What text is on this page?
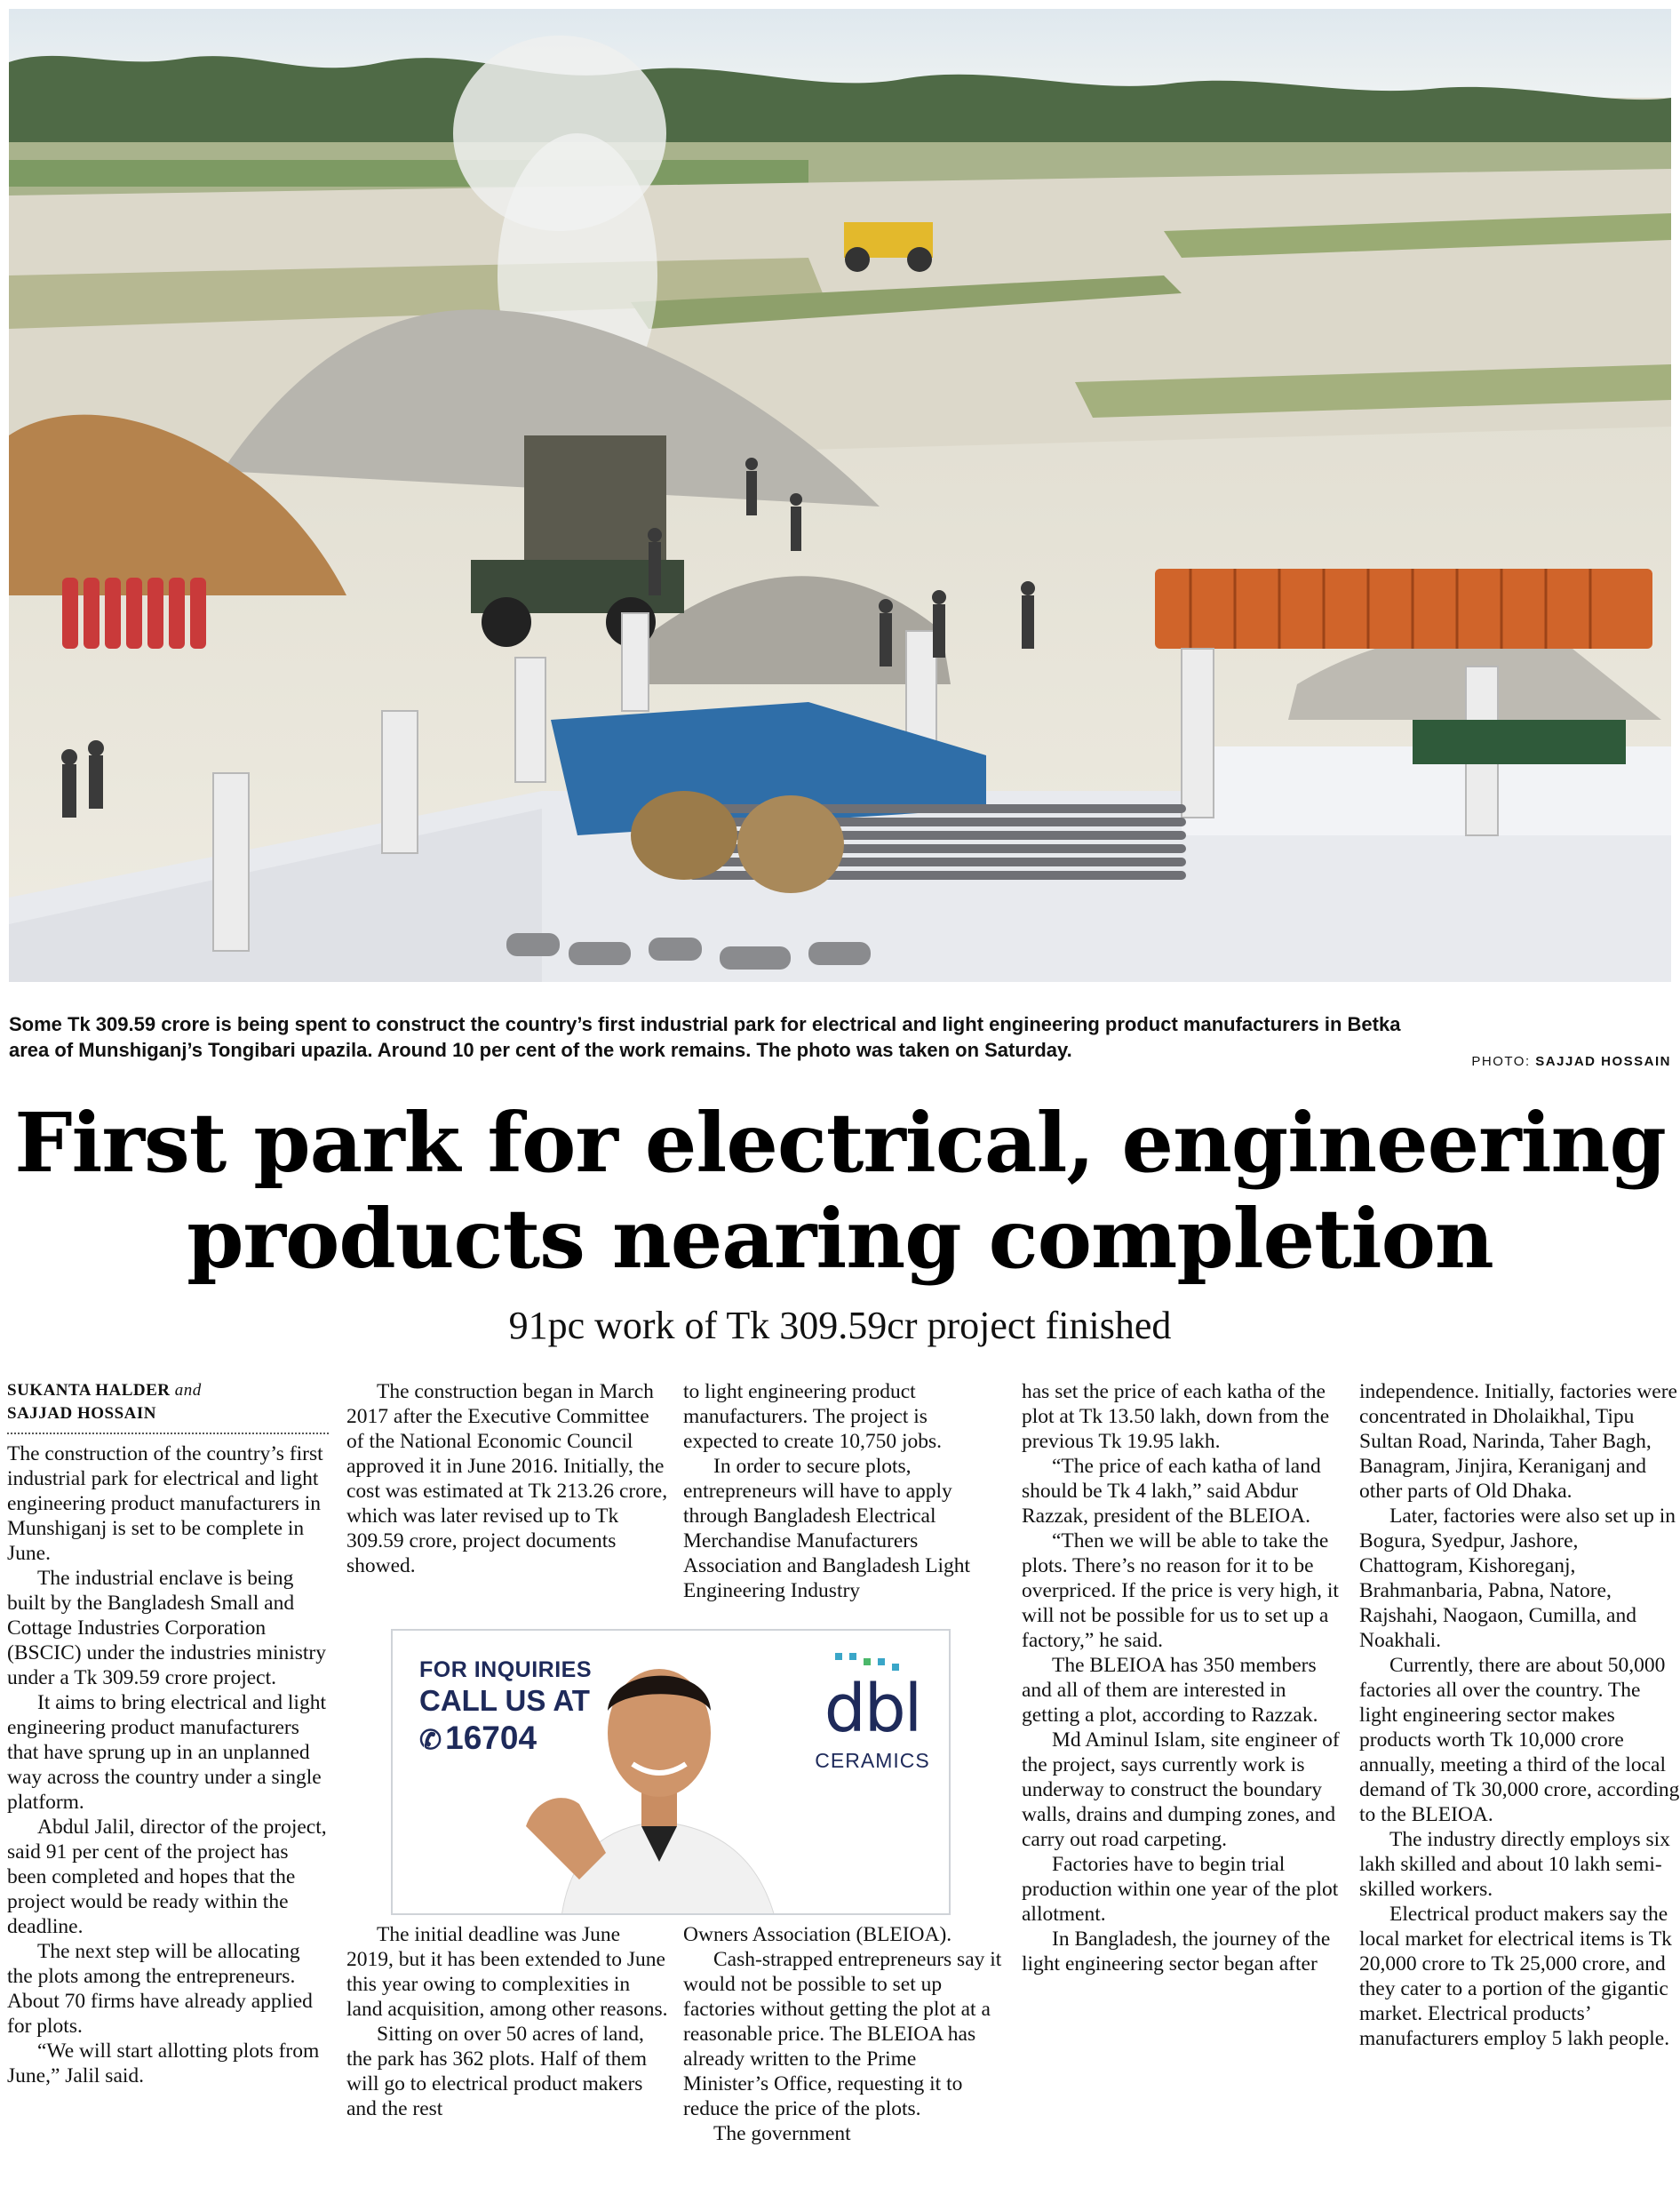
Some Tk 309.59 crore is being spent to construct the country’s first industrial park for electrical and light engineering product manufacturers in Betka area of Munshiganj’s Tongibari upazila. Around 10 per cent of the work remains. The photo was taken on Saturday.
PHOTO: SAJJAD HOSSAIN
First park for electrical, engineering
products nearing completion
91pc work of Tk 309.59cr project finished
SUKANTA HALDER and
SAJJAD HOSSAIN

The construction of the country’s first industrial park for electrical and light engineering product manufacturers in Munshiganj is set to be complete in June.

The industrial enclave is being built by the Bangladesh Small and Cottage Industries Corporation (BSCIC) under the industries ministry under a Tk 309.59 crore project.

It aims to bring electrical and light engineering product manufacturers that have sprung up in an unplanned way across the country under a single platform.

Abdul Jalil, director of the project, said 91 per cent of the project has been completed and hopes that the project would be ready within the deadline.

The next step will be allocating the plots among the entrepreneurs. About 70 firms have already applied for plots.

“We will start allotting plots from June,” Jalil said.

The construction began in March 2017 after the Executive Committee of the National Economic Council approved it in June 2016. Initially, the cost was estimated at Tk 213.26 crore, which was later revised up to Tk 309.59 crore, project documents showed.

to light engineering product manufacturers. The project is expected to create 10,750 jobs.

In order to secure plots, entrepreneurs will have to apply through Bangladesh Electrical Merchandise Manufacturers Association and Bangladesh Light Engineering Industry

FOR INQUIRIES
CALL US AT
✆ 16704	dbl
CERAMICS

The initial deadline was June 2019, but it has been extended to June this year owing to complexities in land acquisition, among other reasons.

Sitting on over 50 acres of land, the park has 362 plots. Half of them will go to electrical product makers and the rest

Owners Association (BLEIOA).

Cash-strapped entrepreneurs say it would not be possible to set up factories without getting the plot at a reasonable price. The BLEIOA has already written to the Prime Minister’s Office, requesting it to reduce the price of the plots.

The government

has set the price of each katha of the plot at Tk 13.50 lakh, down from the previous Tk 19.95 lakh.

“The price of each katha of land should be Tk 4 lakh,” said Abdur Razzak, president of the BLEIOA.

“Then we will be able to take the plots. There’s no reason for it to be overpriced. If the price is very high, it will not be possible for us to set up a factory,” he said.

The BLEIOA has 350 members and all of them are interested in getting a plot, according to Razzak.

Md Aminul Islam, site engineer of the project, says currently work is underway to construct the boundary walls, drains and dumping zones, and carry out road carpeting.

Factories have to begin trial production within one year of the plot allotment.

In Bangladesh, the journey of the light engineering sector began after

independence. Initially, factories were concentrated in Dholaikhal, Tipu Sultan Road, Narinda, Taher Bagh, Banagram, Jinjira, Keraniganj and other parts of Old Dhaka.

Later, factories were also set up in Bogura, Syedpur, Jashore, Chattogram, Kishoreganj, Brahmanbaria, Pabna, Natore, Rajshahi, Naogaon, Cumilla, and Noakhali.

Currently, there are about 50,000 factories all over the country. The light engineering sector makes products worth Tk 10,000 crore annually, meeting a third of the local demand of Tk 30,000 crore, according to the BLEIOA.

The industry directly employs six lakh skilled and about 10 lakh semi-skilled workers.

Electrical product makers say the local market for electrical items is Tk 20,000 crore to Tk 25,000 crore, and they cater to a portion of the gigantic market. Electrical products’ manufacturers employ 5 lakh people.
